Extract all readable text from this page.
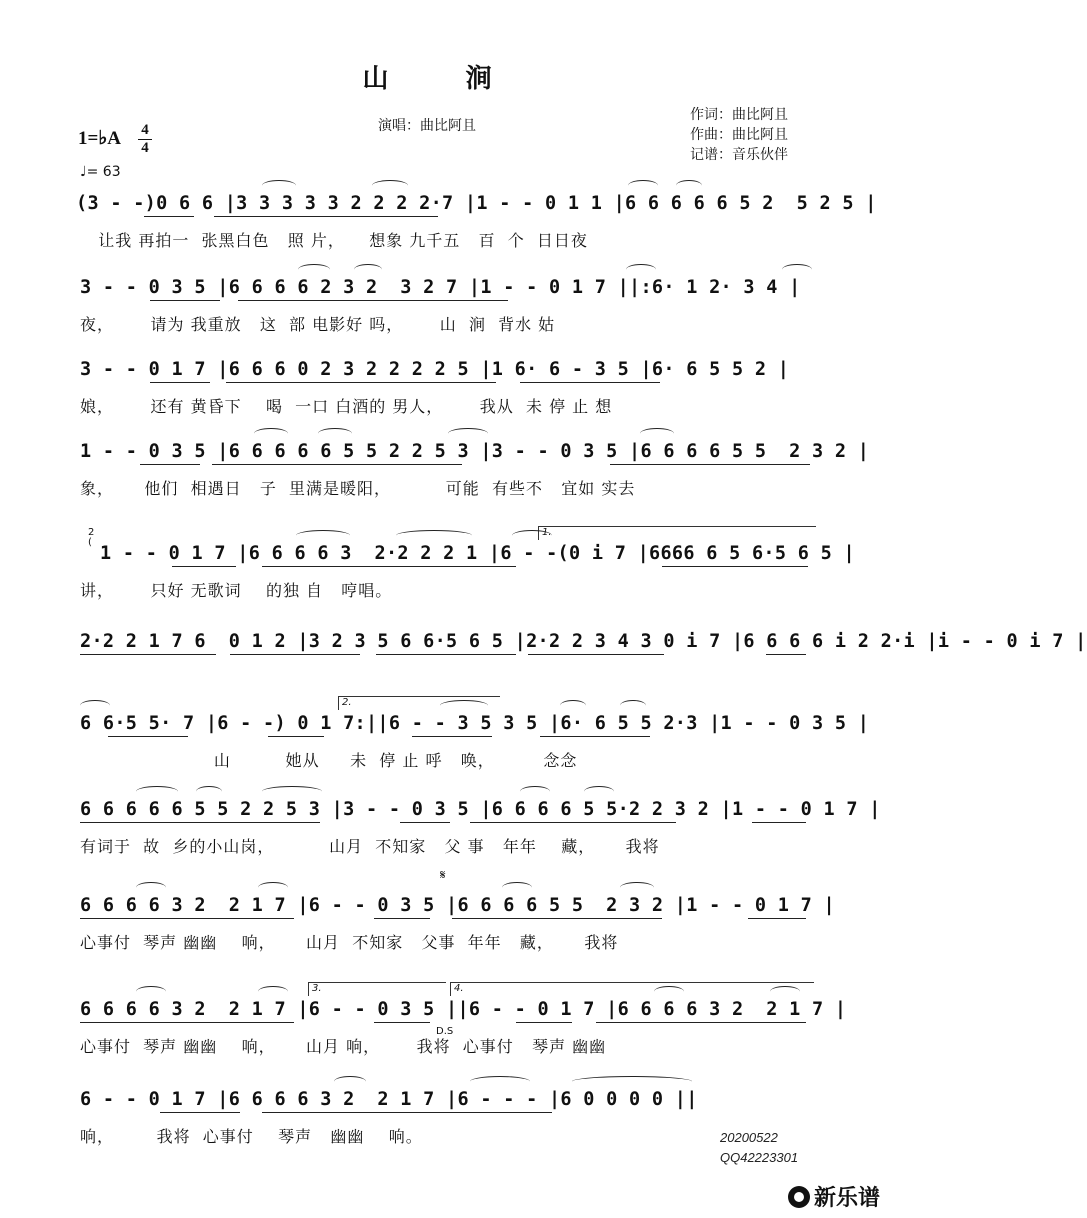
山 涧
演唱：曲比阿且
作词：曲比阿且
作曲：曲比阿且
记谱：音乐伙伴
1=♭A 4
4
♩= 63
(3 - -)0 6 6 |3 3 3 3 3 2 2 2 2·7 |1 - - 0 1 1 |6 6 6 6 6 5 2  5 2 5 |
让我 再拍一  张黑白色   照 片，    想象 九千五   百  个  日日夜
3 - - 0 3 5 |6 6 6 6 2 3 2  3 2 7 |1 - - 0 1 7 ||:6· 1 2· 3 4 |
夜，      请为 我重放   这  部 电影好 吗，      山  涧  背水 姑
3 - - 0 1 7 |6 6 6 0 2 3 2 2 2 2 5 |1 6· 6 - 3 5 |6· 6 5 5 2 |
娘，      还有 黄昏下    喝  一口 白酒的 男人，      我从  未 停 止 想
1 - - 0 3 5 |6 6 6 6 6 5 5 2 2 5 3 |3 - - 0 3 5 |6 6 6 6 5 5  2 3 2 |
象，     他们  相遇日   子  里满是暖阳，         可能  有些不   宜如 实去
2
(
1 - - 0 1 7 |6 6 6 6 3  2·2 2 2 1 |6 - -(0 i 7 |6666 6 5 6·5 6 5 |
1.
讲，      只好 无歌词    的独 自   哼唱。
2·2 2 1 7 6  0 1 2 |3 2 3 5 6 6·5 6 5 |2·2 2 3 4 3 0 i 7 |6 6 6 6 i 2 2·i |i - - 0 i 7 |
6 6·5 5· 7 |6 - -) 0 1 7:||6 - - 3 5 3 5 |6· 6 5 5 2·3 |1 - - 0 3 5 |
2.
山         她从     未  停 止 呼   唤，        念念
6 6 6 6 6 5 5 2 2 5 3 |3 - - 0 3 5 |6 6 6 6 5 5·2 2 3 2 |1 - - 0 1 7 |
有词于  故  乡的小山岗，         山月  不知家   父 事   年年    藏，     我将
𝄋
6 6 6 6 3 2  2 1 7 |6 - - 0 3 5 |6 6 6 6 5 5  2 3 2 |1 - - 0 1 7 |
心事付  琴声 幽幽    响，     山月  不知家   父事  年年   藏，     我将
6 6 6 6 3 2  2 1 7 |6 - - 0 3 5 ||6 - - 0 1 7 |6 6 6 6 3 2  2 1 7 |
3.	4.
D.S
心事付  琴声 幽幽    响，     山月 响，      我将  心事付   琴声 幽幽
6 - - 0 1 7 |6 6 6 6 3 2  2 1 7 |6 - - - |6 0 0 0 0 ||
响，       我将  心事付    琴声   幽幽    响。	20200522
QQ42223301
新乐谱
